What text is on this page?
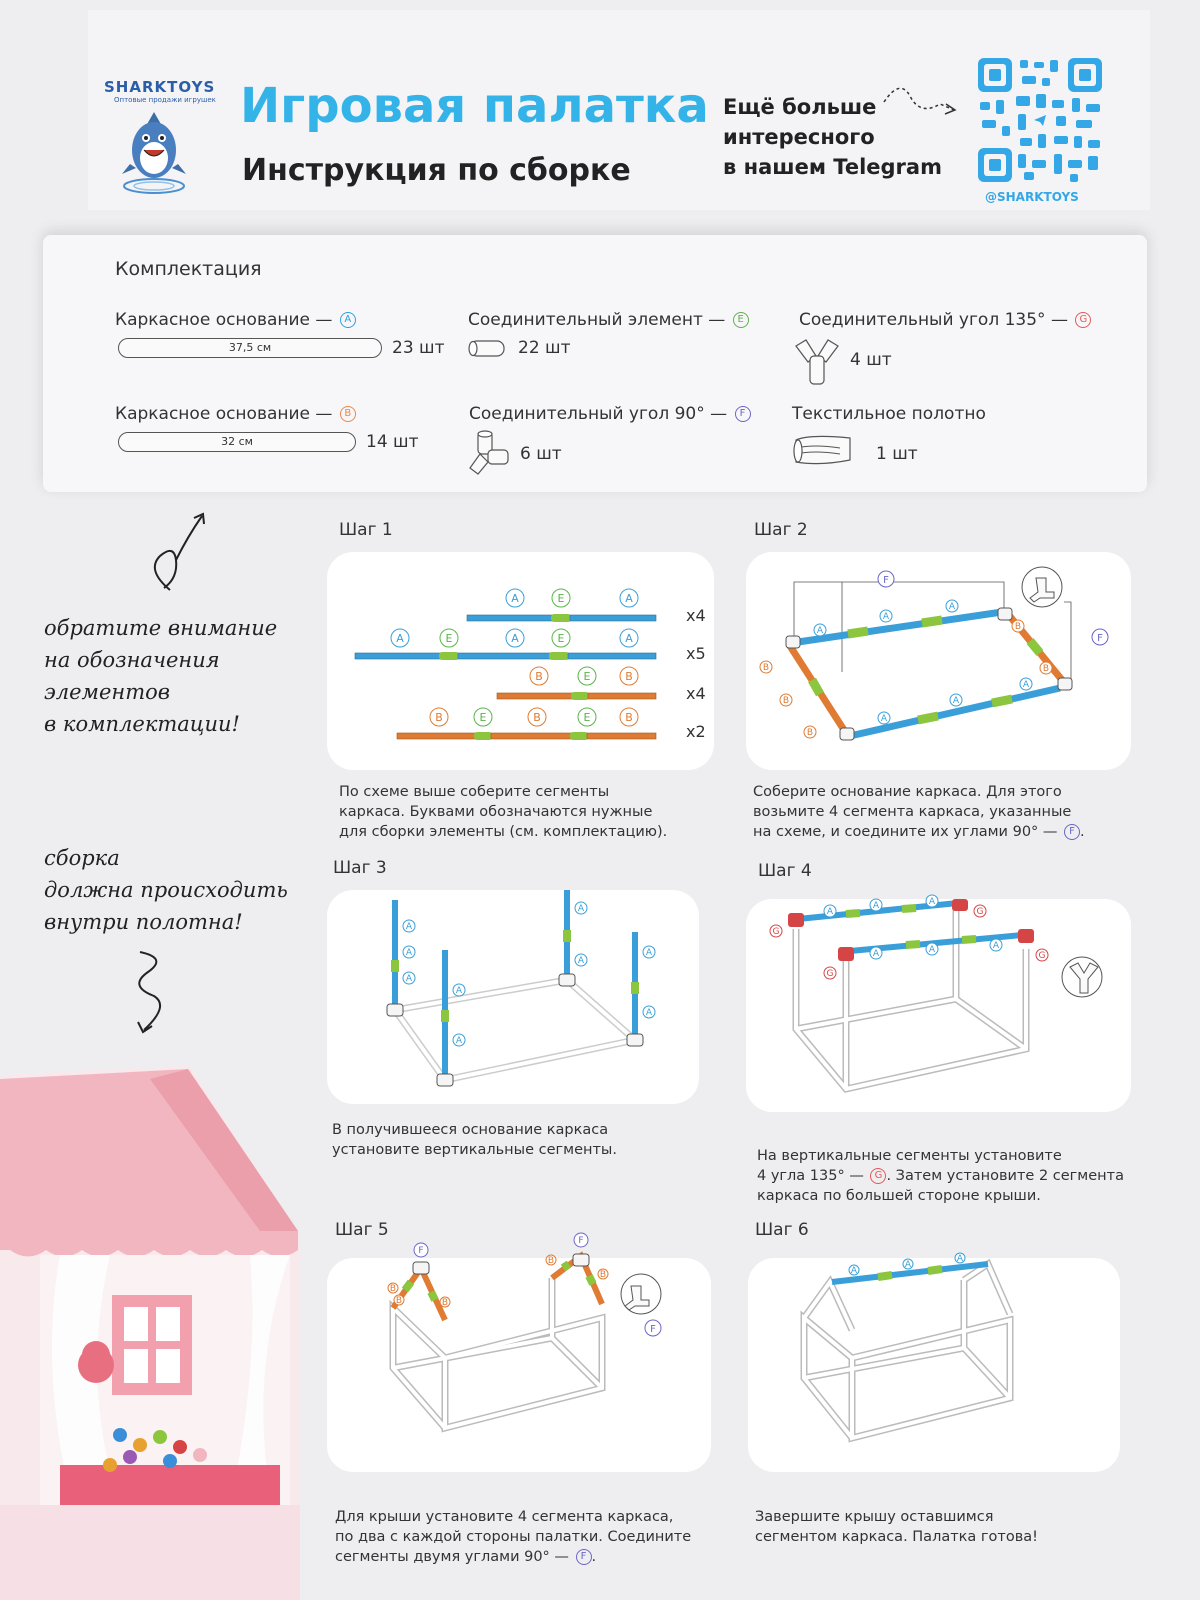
SHARKTOYS
Оптовые продажи игрушек Игровая палатка
Инструкция по сборке
Ещё больше
интересного
в нашем Telegram
@SHARKTOYS
Комплектация
Каркасное основание — A
37,5 см	23 шт
Каркасное основание — B
32 см	14 шт
Соединительный элемент — E
22 шт
Соединительный угол 90° — F
6 шт
Соединительный угол 135° — G
4 шт
Текстильное полотно
1 шт
обратите внимание
на обозначения
элементов
в комплектации!
сборка
должна происходить
внутри полотна!
Шаг 1	Шаг 2
Шаг 3	Шаг 4
Шаг 5	Шаг 6
A	E	A
A	E	A	E	A
B	E	B
B	E	B	E	B
x4
x5
x4
x2
F
F
A
A
A
B
B
B
B
B
A
A
A
A
A
A
A
A
A
A
A
A
G
G
G
G
A
A	A
A	A	A
F
F
B
B	B
B
B
F
A
A
A
По схеме выше соберите сегменты
каркаса. Буквами обозначаются нужные
для сборки элементы (см. комплектацию).
Соберите основание каркаса. Для этого
возьмите 4 сегмента каркаса, указанные
на схеме, и соедините их углами 90° — F .
В получившееся основание каркаса
установите вертикальные сегменты.	На вертикальные сегменты установите
4 угла 135° — G . Затем установите 2 сегмента
каркаса по большей стороне крыши.
Для крыши установите 4 сегмента каркаса,
по два с каждой стороны палатки. Соедините
сегменты двумя углами 90° — F .
Завершите крышу оставшимся
сегментом каркаса. Палатка готова!
